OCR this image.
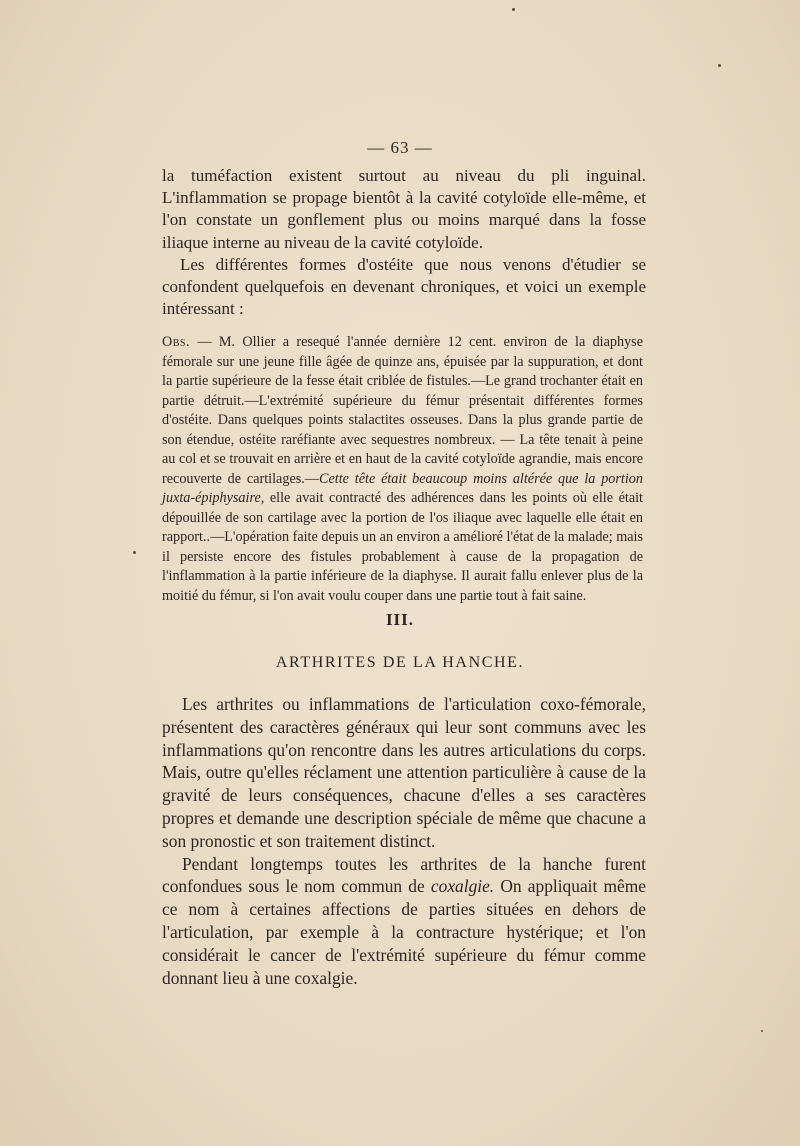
— 63 —

la tuméfaction existent surtout au niveau du pli inguinal. L'inflammation se propage bientôt à la cavité cotyloïde elle-même, et l'on constate un gonflement plus ou moins marqué dans la fosse iliaque interne au niveau de la cavité cotyloïde.

Les différentes formes d'ostéite que nous venons d'étudier se confondent quelquefois en devenant chroniques, et voici un exemple intéressant :

Obs. — M. Ollier a resequé l'année dernière 12 cent. environ de la diaphyse fémorale sur une jeune fille âgée de quinze ans, épuisée par la suppuration, et dont la partie supérieure de la fesse était criblée de fistules.—Le grand trochanter était en partie détruit.—L'extrémité supérieure du fémur présentait différentes formes d'ostéite. Dans quelques points stalactites osseuses. Dans la plus grande partie de son étendue, ostéite raréfiante avec sequestres nombreux. — La tête tenait à peine au col et se trouvait en arrière et en haut de la cavité cotyloïde agrandie, mais encore recouverte de cartilages.—Cette tête était beaucoup moins altérée que la portion juxta-épiphysaire, elle avait contracté des adhérences dans les points où elle était dépouillée de son cartilage avec la portion de l'os iliaque avec laquelle elle était en rapport..—L'opération faite depuis un an environ a amélioré l'état de la malade; mais il persiste encore des fistules probablement à cause de la propagation de l'inflammation à la partie inférieure de la diaphyse. Il aurait fallu enlever plus de la moitié du fémur, si l'on avait voulu couper dans une partie tout à fait saine.

III.
ARTHRITES DE LA HANCHE.

Les arthrites ou inflammations de l'articulation coxo-fémorale, présentent des caractères généraux qui leur sont communs avec les inflammations qu'on rencontre dans les autres articulations du corps. Mais, outre qu'elles réclament une attention particulière à cause de la gravité de leurs conséquences, chacune d'elles a ses caractères propres et demande une description spéciale de même que chacune a son pronostic et son traitement distinct.

Pendant longtemps toutes les arthrites de la hanche furent confondues sous le nom commun de coxalgie. On appliquait même ce nom à certaines affections de parties situées en dehors de l'articulation, par exemple à la contracture hystérique; et l'on considérait le cancer de l'extrémité supérieure du fémur comme donnant lieu à une coxalgie.
